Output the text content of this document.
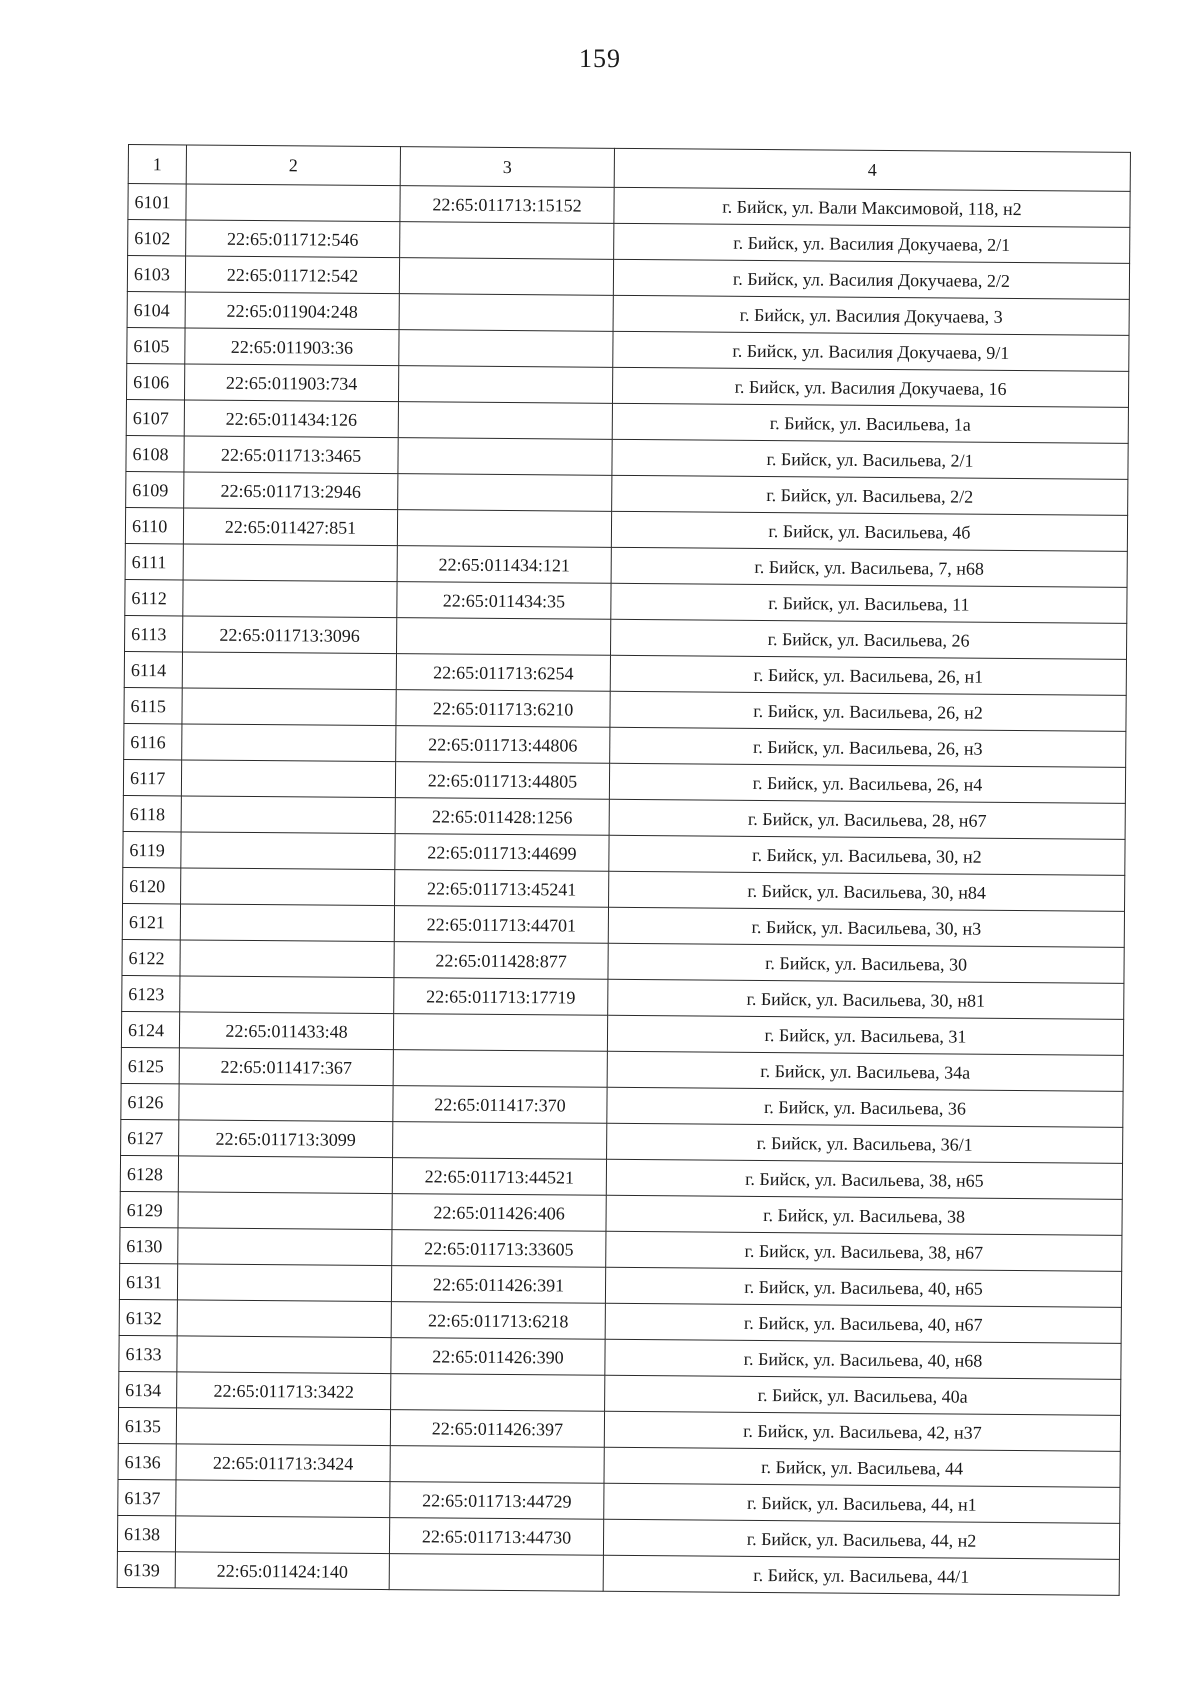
159
1	2	3	4
6101		22:65:011713:15152	г. Бийск, ул. Вали Максимовой, 118, н2
6102	22:65:011712:546		г. Бийск, ул. Василия Докучаева, 2/1
6103	22:65:011712:542		г. Бийск, ул. Василия Докучаева, 2/2
6104	22:65:011904:248		г. Бийск, ул. Василия Докучаева, 3
6105	22:65:011903:36		г. Бийск, ул. Василия Докучаева, 9/1
6106	22:65:011903:734		г. Бийск, ул. Василия Докучаева, 16
6107	22:65:011434:126		г. Бийск, ул. Васильева, 1а
6108	22:65:011713:3465		г. Бийск, ул. Васильева, 2/1
6109	22:65:011713:2946		г. Бийск, ул. Васильева, 2/2
6110	22:65:011427:851		г. Бийск, ул. Васильева, 4б
6111		22:65:011434:121	г. Бийск, ул. Васильева, 7, н68
6112		22:65:011434:35	г. Бийск, ул. Васильева, 11
6113	22:65:011713:3096		г. Бийск, ул. Васильева, 26
6114		22:65:011713:6254	г. Бийск, ул. Васильева, 26, н1
6115		22:65:011713:6210	г. Бийск, ул. Васильева, 26, н2
6116		22:65:011713:44806	г. Бийск, ул. Васильева, 26, н3
6117		22:65:011713:44805	г. Бийск, ул. Васильева, 26, н4
6118		22:65:011428:1256	г. Бийск, ул. Васильева, 28, н67
6119		22:65:011713:44699	г. Бийск, ул. Васильева, 30, н2
6120		22:65:011713:45241	г. Бийск, ул. Васильева, 30, н84
6121		22:65:011713:44701	г. Бийск, ул. Васильева, 30, н3
6122		22:65:011428:877	г. Бийск, ул. Васильева, 30
6123		22:65:011713:17719	г. Бийск, ул. Васильева, 30, н81
6124	22:65:011433:48		г. Бийск, ул. Васильева, 31
6125	22:65:011417:367		г. Бийск, ул. Васильева, 34а
6126		22:65:011417:370	г. Бийск, ул. Васильева, 36
6127	22:65:011713:3099		г. Бийск, ул. Васильева, 36/1
6128		22:65:011713:44521	г. Бийск, ул. Васильева, 38, н65
6129		22:65:011426:406	г. Бийск, ул. Васильева, 38
6130		22:65:011713:33605	г. Бийск, ул. Васильева, 38, н67
6131		22:65:011426:391	г. Бийск, ул. Васильева, 40, н65
6132		22:65:011713:6218	г. Бийск, ул. Васильева, 40, н67
6133		22:65:011426:390	г. Бийск, ул. Васильева, 40, н68
6134	22:65:011713:3422		г. Бийск, ул. Васильева, 40а
6135		22:65:011426:397	г. Бийск, ул. Васильева, 42, н37
6136	22:65:011713:3424		г. Бийск, ул. Васильева, 44
6137		22:65:011713:44729	г. Бийск, ул. Васильева, 44, н1
6138		22:65:011713:44730	г. Бийск, ул. Васильева, 44, н2
6139	22:65:011424:140		г. Бийск, ул. Васильева, 44/1
